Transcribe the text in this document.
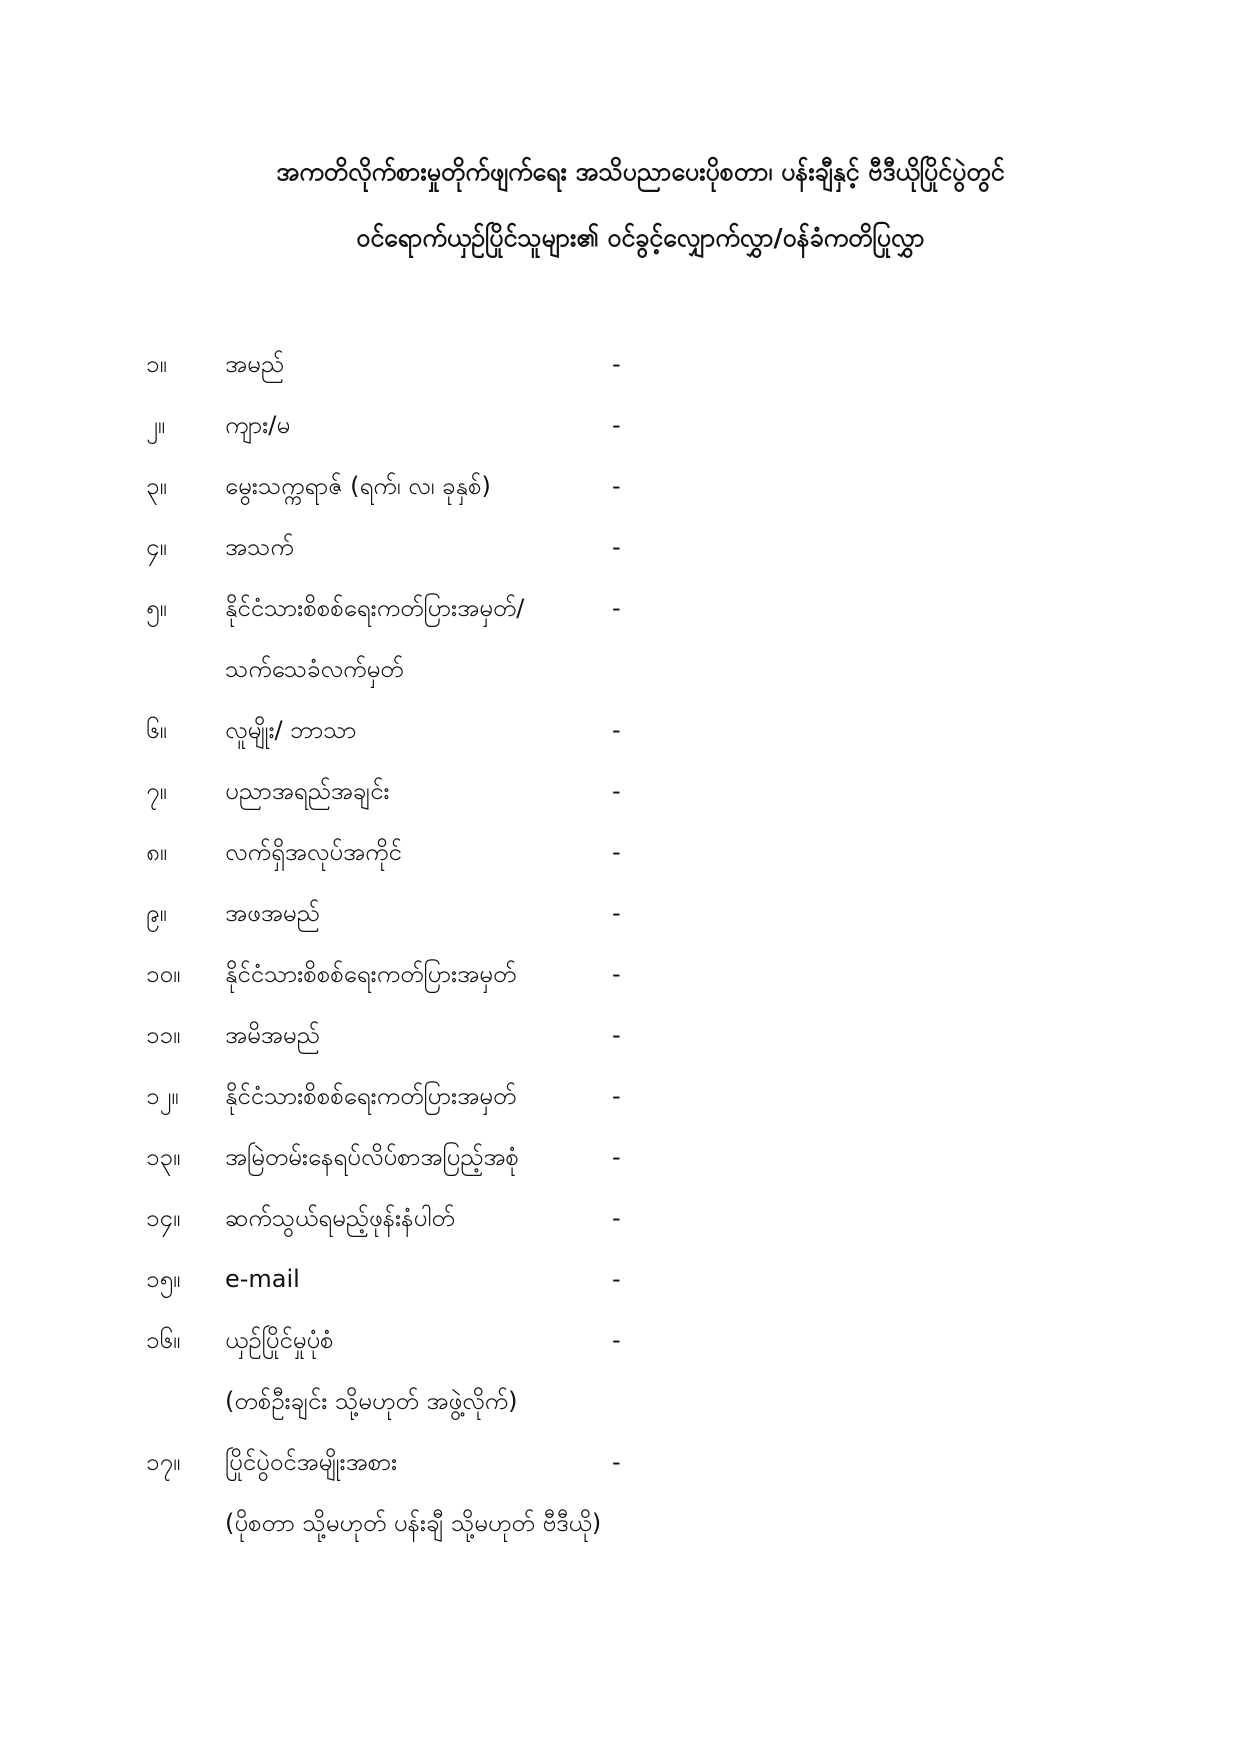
အကတိလိုက်စားမှုတိုက်ဖျက်ရေး အသိပညာပေးပိုစတာ၊ ပန်းချီနှင့် ဗီဒီယိုပြိုင်ပွဲတွင်
ဝင်ရောက်ယှဉ်ပြိုင်သူများ၏ ဝင်ခွင့်လျှောက်လွှာ/ဝန်ခံကတိပြုလွှာ
၁။	အမည်	-
၂။	ကျား/မ	-
၃။	မွေးသက္ကရာဇ် (ရက်၊ လ၊ ခုနှစ်)	-
၄။	အသက်	-
၅။	နိုင်ငံသားစိစစ်ရေးကတ်ပြားအမှတ်/	-
သက်သေခံလက်မှတ်
၆။	လူမျိုး/ ဘာသာ	-
၇။	ပညာအရည်အချင်း	-
၈။	လက်ရှိအလုပ်အကိုင်	-
၉။	အဖအမည်	-
၁၀။	နိုင်ငံသားစိစစ်ရေးကတ်ပြားအမှတ်	-
၁၁။	အမိအမည်	-
၁၂။	နိုင်ငံသားစိစစ်ရေးကတ်ပြားအမှတ်	-
၁၃။	အမြဲတမ်းနေရပ်လိပ်စာအပြည့်အစုံ	-
၁၄။	ဆက်သွယ်ရမည့်ဖုန်းနံပါတ်	-
၁၅။	e-mail	-
၁၆။	ယှဉ်ပြိုင်မှုပုံစံ	-
(တစ်ဦးချင်း သို့မဟုတ် အဖွဲ့လိုက်)
၁၇။	ပြိုင်ပွဲဝင်အမျိုးအစား	-
(ပိုစတာ သို့မဟုတ် ပန်းချီ သို့မဟုတ် ဗီဒီယို)
